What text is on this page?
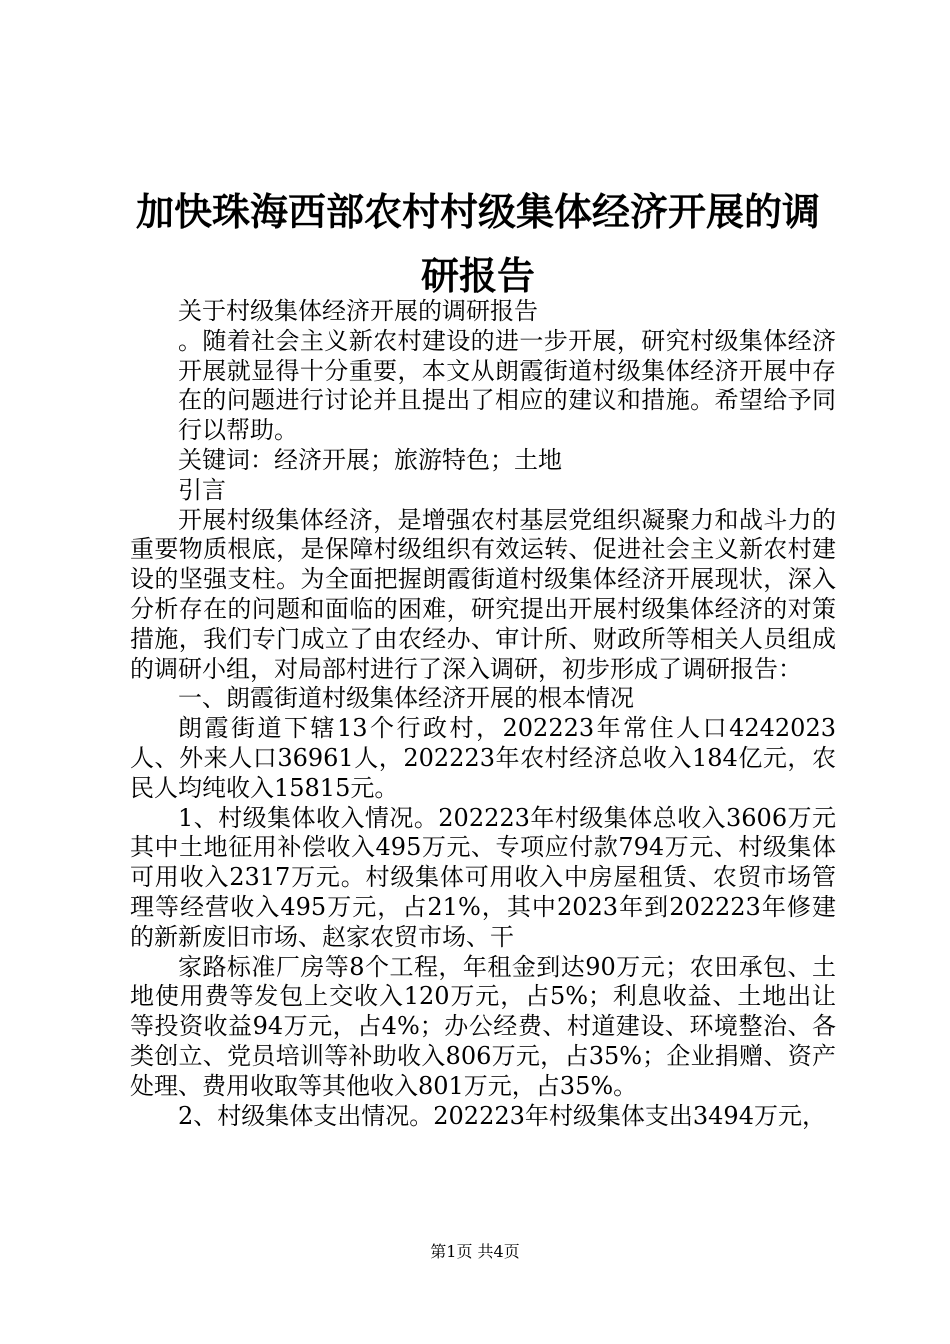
加快珠海西部农村村级集体经济开展的调研报告

关于村级集体经济开展的调研报告

。随着社会主义新农村建设的进一步开展，研究村级集体经济开展就显得十分重要，本文从朗霞街道村级集体经济开展中存在的问题进行讨论并且提出了相应的建议和措施。希望给予同行以帮助。

关键词：经济开展；旅游特色；土地

引言

开展村级集体经济，是增强农村基层党组织凝聚力和战斗力的重要物质根底，是保障村级组织有效运转、促进社会主义新农村建设的坚强支柱。为全面把握朗霞街道村级集体经济开展现状，深入分析存在的问题和面临的困难，研究提出开展村级集体经济的对策措施，我们专门成立了由农经办、审计所、财政所等相关人员组成的调研小组，对局部村进行了深入调研，初步形成了调研报告：

一、朗霞街道村级集体经济开展的根本情况

朗霞街道下辖13个行政村，202223年常住人口4242023人、外来人口36961人，202223年农村经济总收入184亿元，农民人均纯收入15815元。

1、村级集体收入情况。202223年村级集体总收入3606万元其中土地征用补偿收入495万元、专项应付款794万元、村级集体可用收入2317万元。村级集体可用收入中房屋租赁、农贸市场管理等经营收入495万元，占21%，其中2023年到202223年修建的新新废旧市场、赵家农贸市场、干

家路标准厂房等8个工程，年租金到达90万元；农田承包、土地使用费等发包上交收入120万元，占5%；利息收益、土地出让等投资收益94万元，占4%；办公经费、村道建设、环境整治、各类创立、党员培训等补助收入806万元，占35%；企业捐赠、资产处理、费用收取等其他收入801万元，占35%。

2、村级集体支出情况。202223年村级集体支出3494万元，

第1页 共4页
